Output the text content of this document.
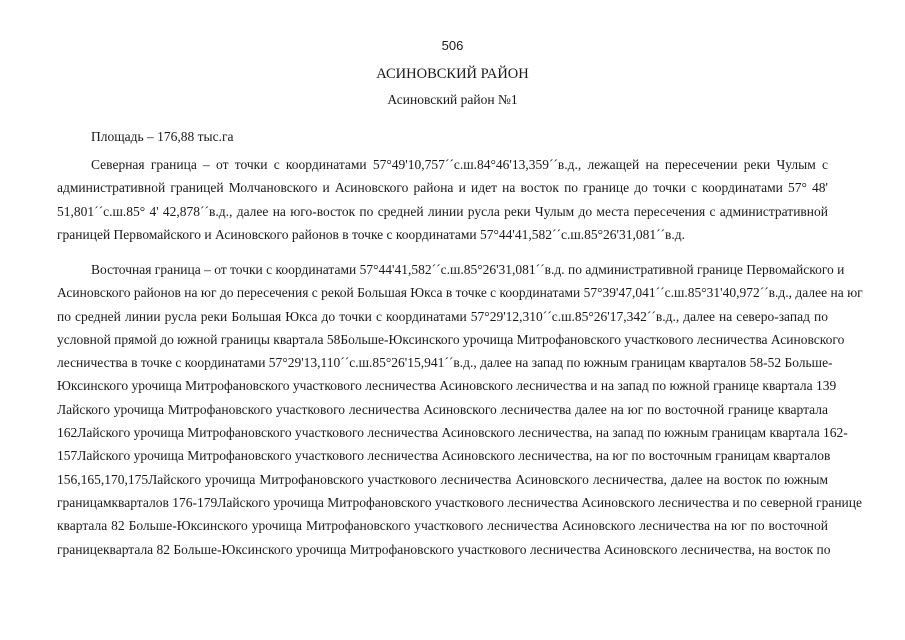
506
АСИНОВСКИЙ РАЙОН
Асиновский район №1
Площадь – 176,88 тыс.га
Северная граница – от точки с координатами 57°49'10,757´´с.ш.84°46'13,359´´в.д., лежащей на пересечении реки Чулым с
административной границей Молчановского и Асиновского района и идет на восток по границе до точки с координатами 57° 48'
51,801´´с.ш.85° 4' 42,878´´в.д., далее на юго-восток по средней линии русла реки Чулым до места пересечения с административной
границей Первомайского и Асиновского районов в точке с координатами 57°44'41,582´´с.ш.85°26'31,081´´в.д.
Восточная граница – от точки с координатами 57°44'41,582´´с.ш.85°26'31,081´´в.д. по административной границе Первомайского и
Асиновского районов на юг до пересечения с рекой Большая Юкса в точке с координатами 57°39'47,041´´с.ш.85°31'40,972´´в.д., далее на юг
по средней линии русла реки Большая Юкса до точки с координатами 57°29'12,310´´с.ш.85°26'17,342´´в.д., далее на северо-запад по
условной прямой до южной границы квартала 58Больше-Юксинского урочища Митрофановского участкового лесничества Асиновского
лесничества в точке с координатами 57°29'13,110´´с.ш.85°26'15,941´´в.д., далее на запад по южным границам кварталов 58-52 Больше-
Юксинского урочища Митрофановского участкового лесничества Асиновского лесничества и на запад по южной границе квартала 139
Лайского урочища Митрофановского участкового лесничества Асиновского лесничества далее на юг по восточной границе квартала
162Лайского урочища Митрофановского участкового лесничества Асиновского лесничества, на запад по южным границам квартала 162-
157Лайского урочища Митрофановского участкового лесничества Асиновского лесничества, на юг по восточным границам кварталов
156,165,170,175Лайского урочища Митрофановского участкового лесничества Асиновского лесничества, далее на восток по южным
границамкварталов 176-179Лайского урочища Митрофановского участкового лесничества Асиновского лесничества и по северной границе
квартала 82 Больше-Юксинского урочища Митрофановского участкового лесничества Асиновского лесничества на юг по восточной
границеквартала 82 Больше-Юксинского урочища Митрофановского участкового лесничества Асиновского лесничества, на восток по
